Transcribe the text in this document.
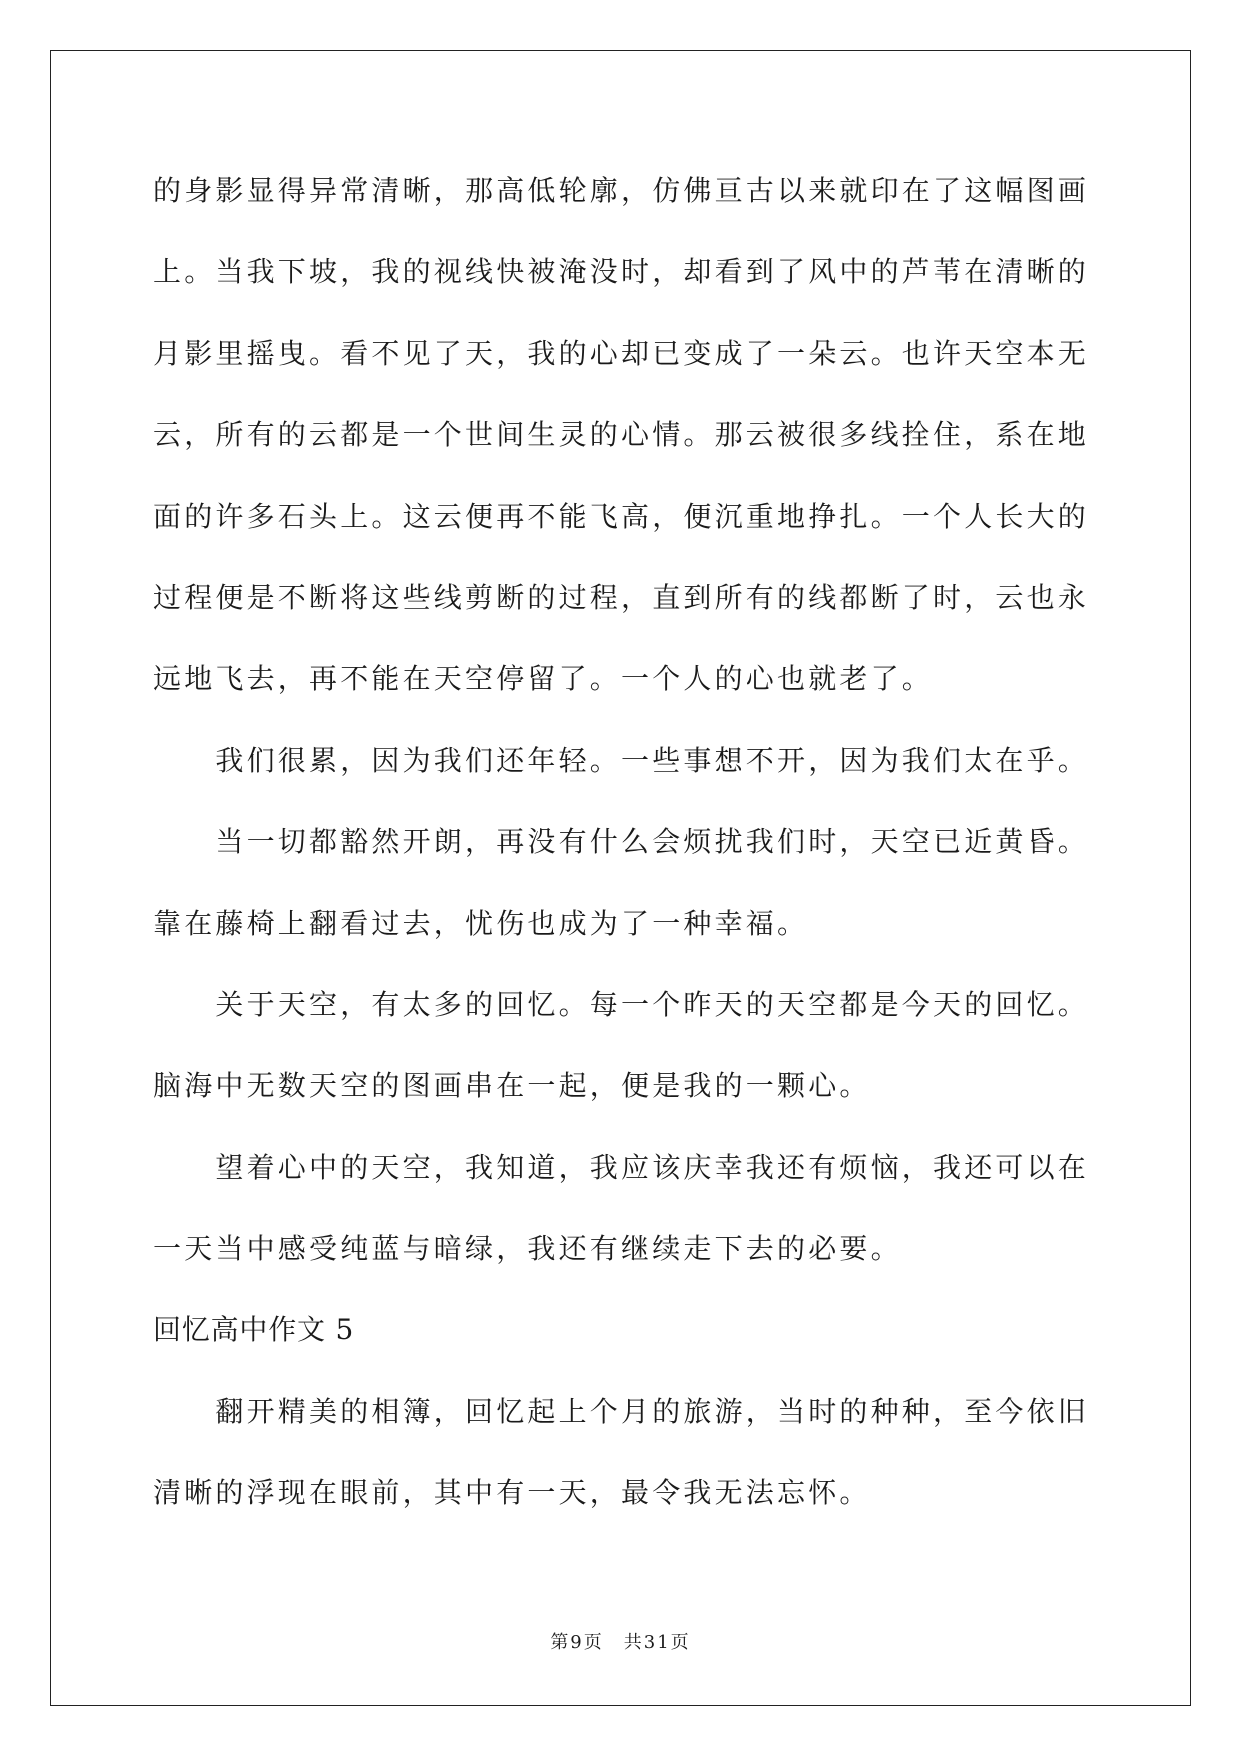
的身影显得异常清晰，那高低轮廓，仿佛亘古以来就印在了这幅图画
上。当我下坡，我的视线快被淹没时，却看到了风中的芦苇在清晰的
月影里摇曳。看不见了天，我的心却已变成了一朵云。也许天空本无
云，所有的云都是一个世间生灵的心情。那云被很多线拴住，系在地
面的许多石头上。这云便再不能飞高，便沉重地挣扎。一个人长大的
过程便是不断将这些线剪断的过程，直到所有的线都断了时，云也永
远地飞去，再不能在天空停留了。一个人的心也就老了。
我们很累，因为我们还年轻。一些事想不开，因为我们太在乎。
当一切都豁然开朗，再没有什么会烦扰我们时，天空已近黄昏。
靠在藤椅上翻看过去，忧伤也成为了一种幸福。
关于天空，有太多的回忆。每一个昨天的天空都是今天的回忆。
脑海中无数天空的图画串在一起，便是我的一颗心。
望着心中的天空，我知道，我应该庆幸我还有烦恼，我还可以在
一天当中感受纯蓝与暗绿，我还有继续走下去的必要。
回忆高中作文 5
翻开精美的相簿，回忆起上个月的旅游，当时的种种，至今依旧
清晰的浮现在眼前，其中有一天，最令我无法忘怀。
第9页 共31页
